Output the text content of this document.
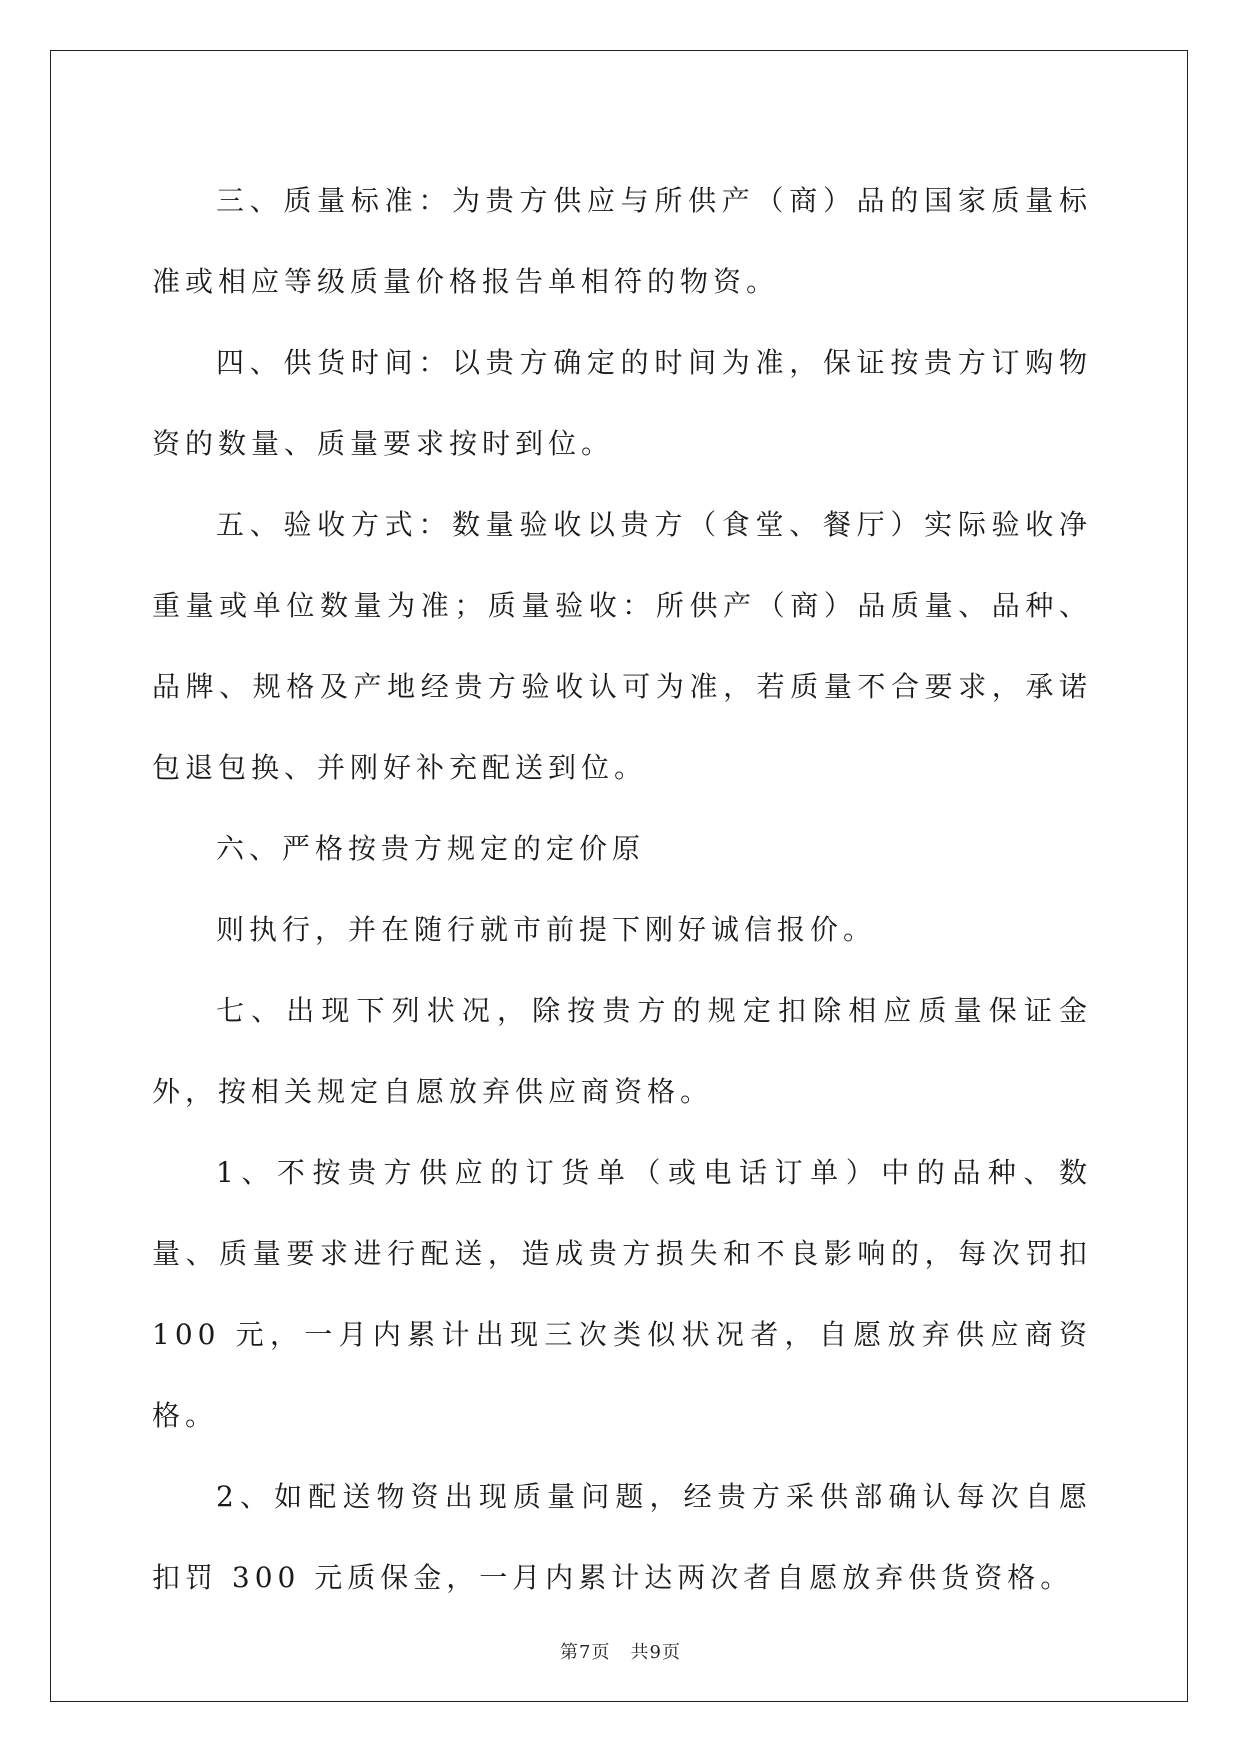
三、质量标准：为贵方供应与所供产（商）品的国家质量标准或相应等级质量价格报告单相符的物资。

四、供货时间：以贵方确定的时间为准，保证按贵方订购物资的数量、质量要求按时到位。

五、验收方式：数量验收以贵方（食堂、餐厅）实际验收净重量或单位数量为准；质量验收：所供产（商）品质量、品种、品牌、规格及产地经贵方验收认可为准，若质量不合要求，承诺包退包换、并刚好补充配送到位。

六、严格按贵方规定的定价原

则执行，并在随行就市前提下刚好诚信报价。

七、出现下列状况，除按贵方的规定扣除相应质量保证金外，按相关规定自愿放弃供应商资格。

1、不按贵方供应的订货单（或电话订单）中的品种、数量、质量要求进行配送，造成贵方损失和不良影响的，每次罚扣 100 元，一月内累计出现三次类似状况者，自愿放弃供应商资格。

2、如配送物资出现质量问题，经贵方采供部确认每次自愿扣罚 300 元质保金，一月内累计达两次者自愿放弃供货资格。

第7页 共9页
